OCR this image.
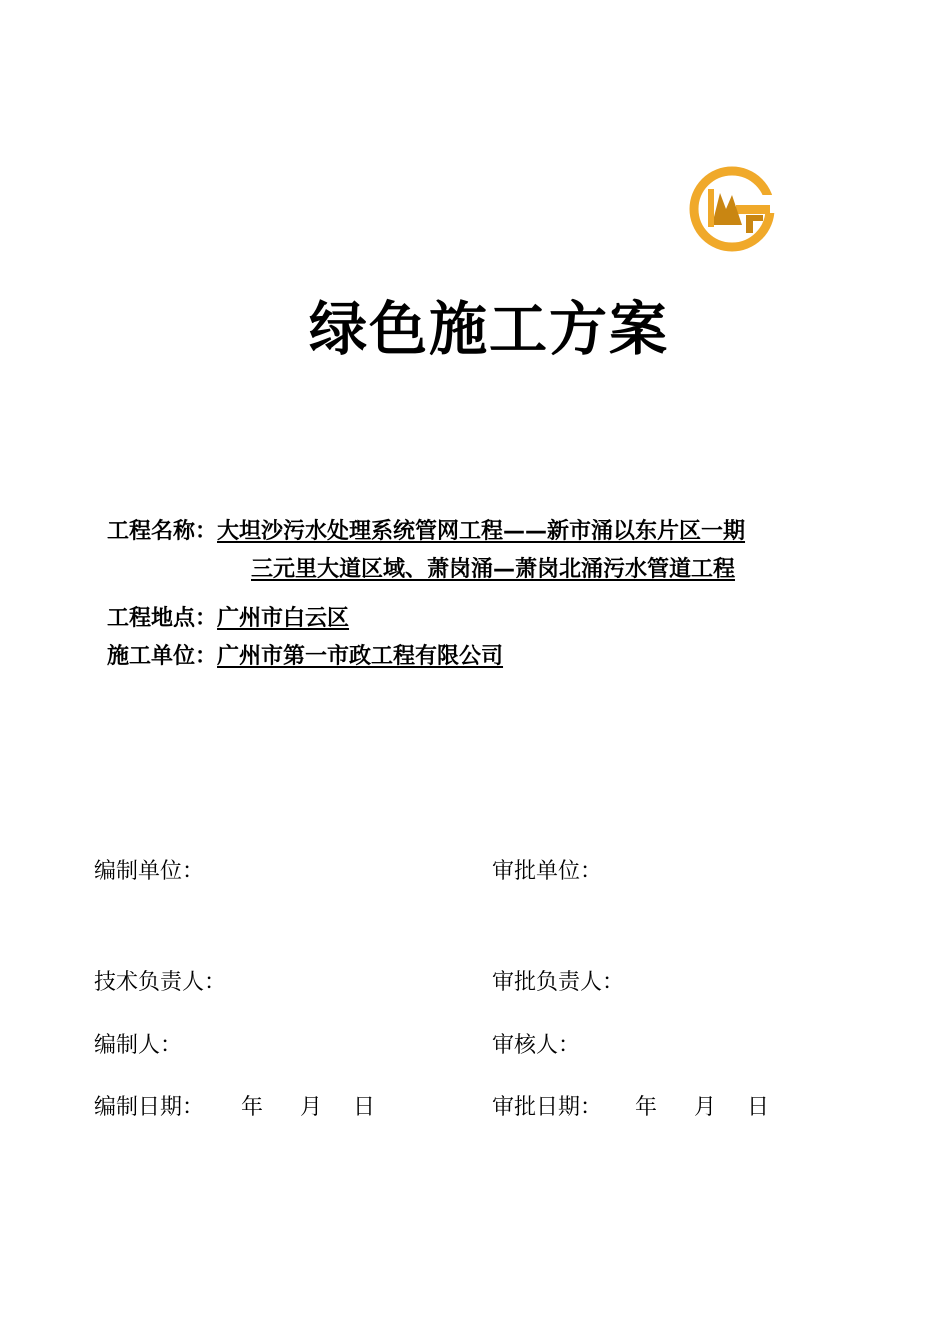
绿色施工方案
工程名称：大坦沙污水处理系统管网工程——新市涌以东片区一期
三元里大道区域、萧岗涌—萧岗北涌污水管道工程
工程地点：广州市白云区
施工单位：广州市第一市政工程有限公司
编制单位：	审批单位：
技术负责人：	审批负责人：
编制人：	审核人：
编制日期： 年 月 日	审批日期： 年 月 日
